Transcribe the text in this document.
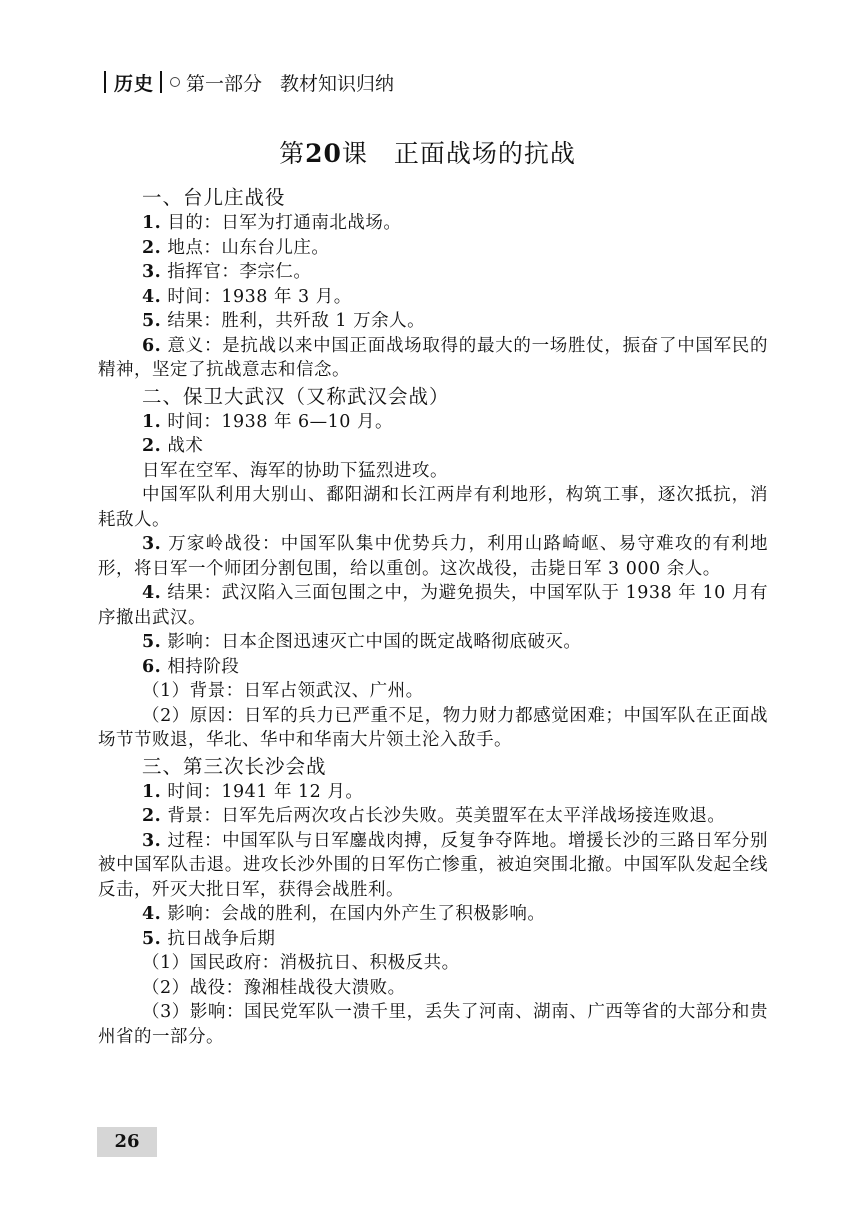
历史 第一部分 教材知识归纳
第20课 正面战场的抗战
一、台儿庄战役
1. 目的：日军为打通南北战场。
2. 地点：山东台儿庄。
3. 指挥官：李宗仁。
4. 时间：1938 年 3 月。
5. 结果：胜利，共歼敌 1 万余人。
6. 意义：是抗战以来中国正面战场取得的最大的一场胜仗，振奋了中国军民的精神，坚定了抗战意志和信念。
二、保卫大武汉（又称武汉会战）
1. 时间：1938 年 6—10 月。
2. 战术
日军在空军、海军的协助下猛烈进攻。
中国军队利用大别山、鄱阳湖和长江两岸有利地形，构筑工事，逐次抵抗，消耗敌人。
3. 万家岭战役：中国军队集中优势兵力，利用山路崎岖、易守难攻的有利地形，将日军一个师团分割包围，给以重创。这次战役，击毙日军 3 000 余人。
4. 结果：武汉陷入三面包围之中，为避免损失，中国军队于 1938 年 10 月有序撤出武汉。
5. 影响：日本企图迅速灭亡中国的既定战略彻底破灭。
6. 相持阶段
（1）背景：日军占领武汉、广州。
（2）原因：日军的兵力已严重不足，物力财力都感觉困难；中国军队在正面战场节节败退，华北、华中和华南大片领土沦入敌手。
三、第三次长沙会战
1. 时间：1941 年 12 月。
2. 背景：日军先后两次攻占长沙失败。英美盟军在太平洋战场接连败退。
3. 过程：中国军队与日军鏖战肉搏，反复争夺阵地。增援长沙的三路日军分别被中国军队击退。进攻长沙外围的日军伤亡惨重，被迫突围北撤。中国军队发起全线反击，歼灭大批日军，获得会战胜利。
4. 影响：会战的胜利，在国内外产生了积极影响。
5. 抗日战争后期
（1）国民政府：消极抗日、积极反共。
（2）战役：豫湘桂战役大溃败。
（3）影响：国民党军队一溃千里，丢失了河南、湖南、广西等省的大部分和贵州省的一部分。
26
